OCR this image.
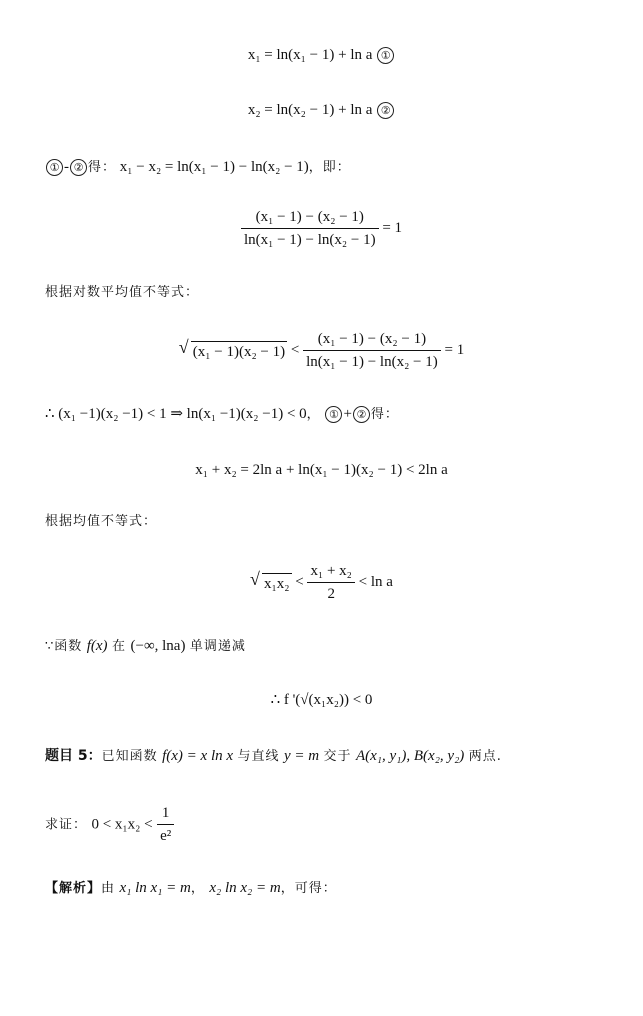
x₁ = ln(x₁ − 1) + ln a ①
x₂ = ln(x₂ − 1) + ln a ②
① - ② 得： x₁ − x₂ = ln(x₁ − 1) − ln(x₂ − 1)，即：
$\frac{\text{(x₁ − 1) − (x₂ − 1)}}{\text{ln(x₁ − 1) − ln(x₂ − 1)}} = 1$
根据对数平均值不等式：
√ $(x_1 - 1)(x_2 - 1) < \frac{\text{(x₁ − 1) − (x₂ − 1)}}{\text{ln(x₁ − 1) − ln(x₂ − 1)}} = 1$
∴ (x₁ −1)(x₂ −1) < 1 ⇒ ln(x₁ −1)(x₂ −1) < 0， ① + ② 得：
x₁ + x₂ = 2ln a + ln(x₁ − 1)(x₂ − 1) < 2ln a
根据均值不等式：
√ $x_1x_2 < \frac{\text{x₁ + x₂}}{2} < \ln a$
∵函数 f(x) 在 (−∞, lna) 单调递减
∴ f '(√(x₁x₂)) < 0
题目 5：已知函数 f(x) = x ln x 与直线 y = m 交于 A(x₁, y₁), B(x₂, y₂) 两点.
求证： $0 < x_1x_2 < \frac{1}{\text{e²}}$
【解析】由 x₁ ln x₁ = m， x₂ ln x₂ = m，可得：
